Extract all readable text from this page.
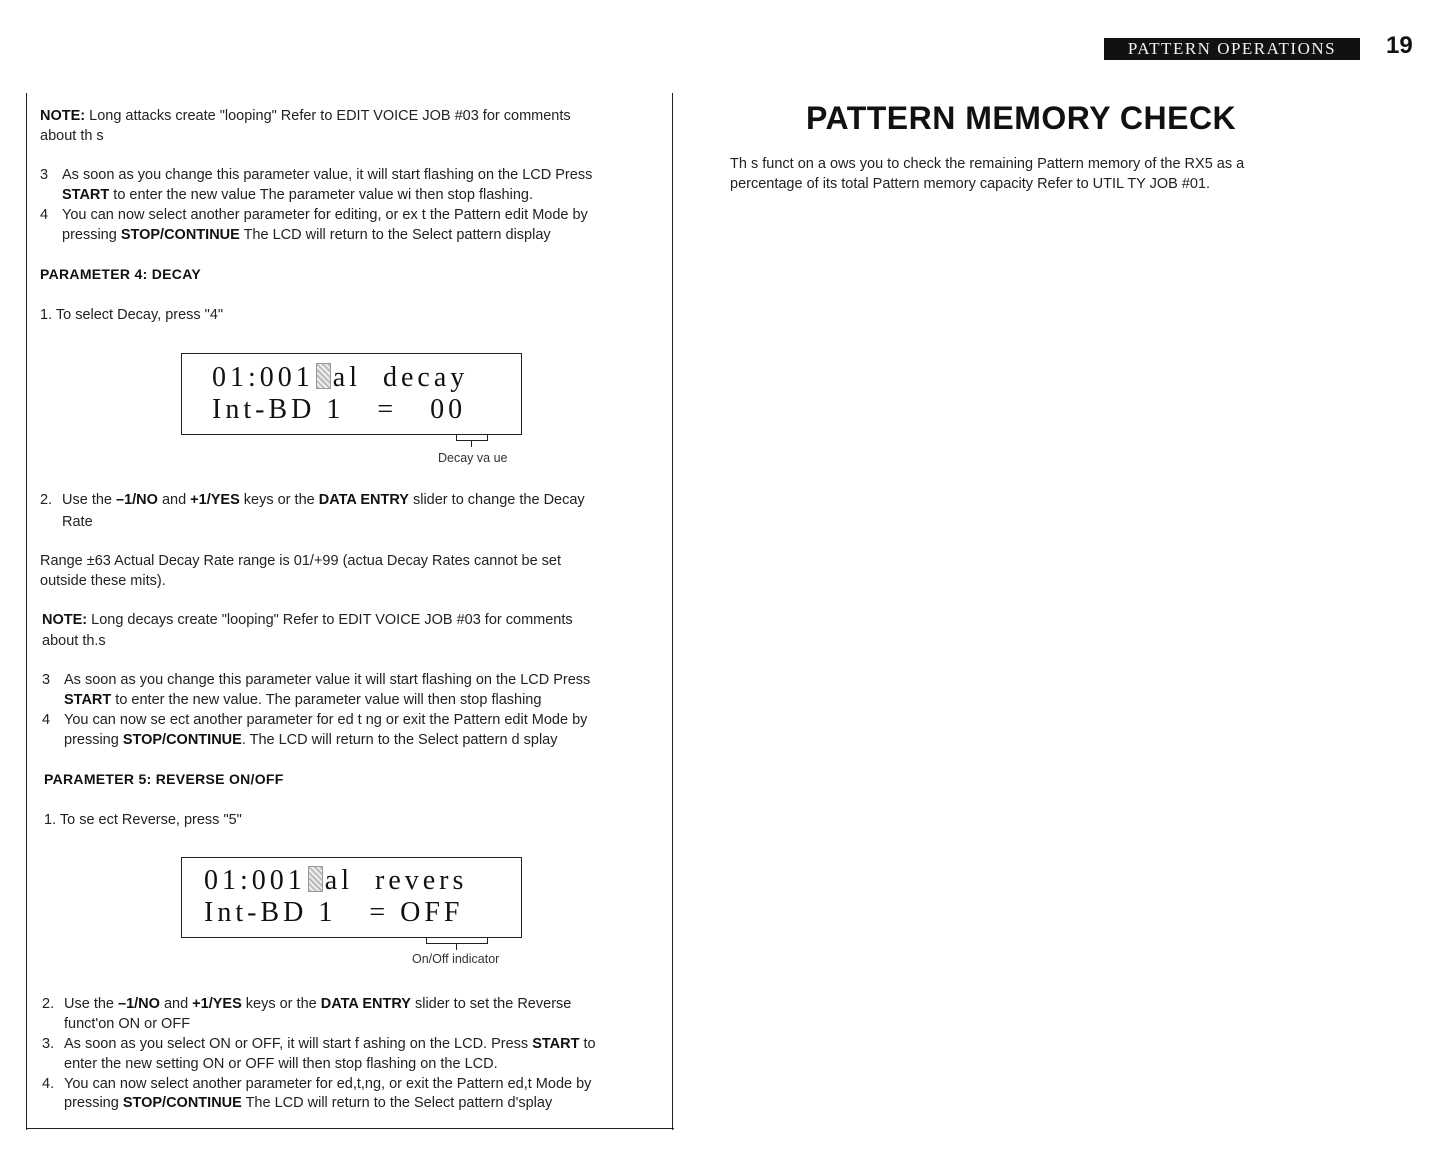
PATTERN OPERATIONS	19
NOTE: Long attacks create "looping" Refer to EDIT VOICE JOB #03 for comments
about th s
3 As soon as you change this parameter value, it will start flashing on the LCD Press
START to enter the new value The parameter value wi then stop flashing.
4 You can now select another parameter for editing, or ex t the Pattern edit Mode by
pressing STOP/CONTINUE The LCD will return to the Select pattern display
PARAMETER 4: DECAY
1. To select Decay, press "4"
01:001 al  decay
Int-BD 1   =   00
Decay va ue
2. Use the –1/NO and +1/YES keys or the DATA ENTRY slider to change the Decay
Rate
Range ±63 Actual Decay Rate range is 01/+99 (actua Decay Rates cannot be set
outside these mits).
NOTE: Long decays create "looping" Refer to EDIT VOICE JOB #03 for comments
about th.s
3 As soon as you change this parameter value it will start flashing on the LCD Press
START to enter the new value. The parameter value will then stop flashing
4 You can now se ect another parameter for ed t ng or exit the Pattern edit Mode by
pressing STOP/CONTINUE. The LCD will return to the Select pattern d splay
PARAMETER 5: REVERSE ON/OFF
1. To se ect Reverse, press "5"
01:001 al  revers
Int-BD 1   = OFF
On/Off indicator
2. Use the –1/NO and +1/YES keys or the DATA ENTRY slider to set the Reverse
funct'on ON or OFF
3. As soon as you select ON or OFF, it will start f ashing on the LCD. Press START to
enter the new setting ON or OFF will then stop flashing on the LCD.
4. You can now select another parameter for ed,t,ng, or exit the Pattern ed,t Mode by
pressing STOP/CONTINUE The LCD will return to the Select pattern d'splay
PATTERN MEMORY CHECK
Th s funct on a ows you to check the remaining Pattern memory of the RX5 as a
percentage of its total Pattern memory capacity Refer to UTIL TY JOB #01.
